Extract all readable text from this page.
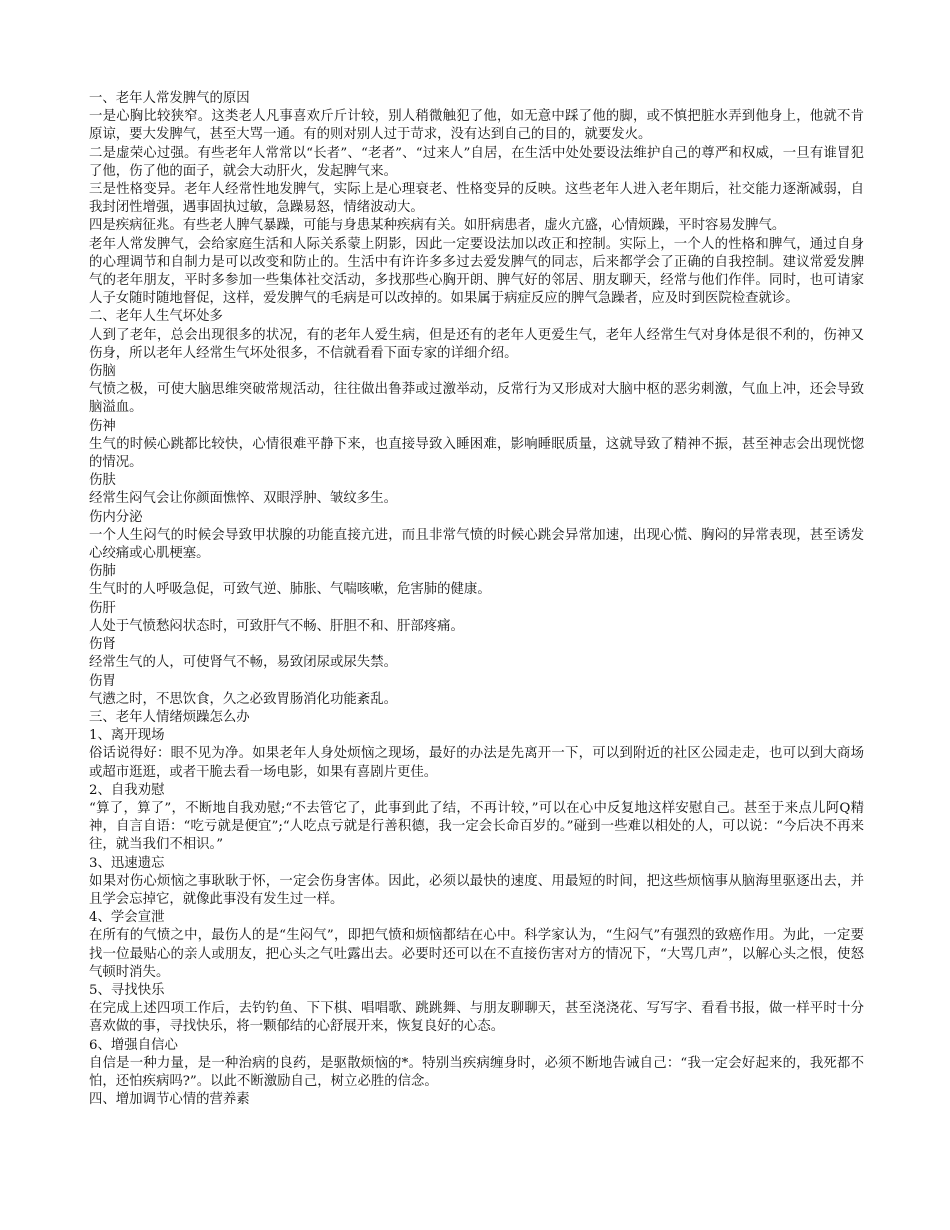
一、老年人常发脾气的原因

一是心胸比较狭窄。这类老人凡事喜欢斤斤计较，别人稍微触犯了他，如无意中踩了他的脚，或不慎把脏水弄到他身上，他就不肯原谅，要大发脾气，甚至大骂一通。有的则对别人过于苛求，没有达到自己的目的，就要发火。

二是虚荣心过强。有些老年人常常以“长者”、“老者”、“过来人”自居，在生活中处处要设法维护自己的尊严和权威，一旦有谁冒犯了他，伤了他的面子，就会大动肝火，发起脾气来。

三是性格变异。老年人经常性地发脾气，实际上是心理衰老、性格变异的反映。这些老年人进入老年期后，社交能力逐渐减弱，自我封闭性增强，遇事固执过敏，急躁易怒，情绪波动大。

四是疾病征兆。有些老人脾气暴躁，可能与身患某种疾病有关。如肝病患者，虚火亢盛，心情烦躁，平时容易发脾气。

老年人常发脾气，会给家庭生活和人际关系蒙上阴影，因此一定要设法加以改正和控制。实际上，一个人的性格和脾气，通过自身的心理调节和自制力是可以改变和防止的。生活中有许许多多过去爱发脾气的同志，后来都学会了正确的自我控制。建议常爱发脾气的老年朋友，平时多参加一些集体社交活动，多找那些心胸开朗、脾气好的邻居、朋友聊天，经常与他们作伴。同时，也可请家人子女随时随地督促，这样，爱发脾气的毛病是可以改掉的。如果属于病症反应的脾气急躁者，应及时到医院检查就诊。

二、老年人生气坏处多

人到了老年，总会出现很多的状况，有的老年人爱生病，但是还有的老年人更爱生气，老年人经常生气对身体是很不利的，伤神又伤身，所以老年人经常生气坏处很多，不信就看看下面专家的详细介绍。

伤脑

气愤之极，可使大脑思维突破常规活动，往往做出鲁莽或过激举动，反常行为又形成对大脑中枢的恶劣刺激，气血上冲，还会导致脑溢血。

伤神

生气的时候心跳都比较快，心情很难平静下来，也直接导致入睡困难，影响睡眠质量，这就导致了精神不振，甚至神志会出现恍惚的情况。

伤肤

经常生闷气会让你颜面憔悴、双眼浮肿、皱纹多生。

伤内分泌

一个人生闷气的时候会导致甲状腺的功能直接亢进，而且非常气愤的时候心跳会异常加速，出现心慌、胸闷的异常表现，甚至诱发心绞痛或心肌梗塞。

伤肺

生气时的人呼吸急促，可致气逆、肺胀、气喘咳嗽，危害肺的健康。

伤肝

人处于气愤愁闷状态时，可致肝气不畅、肝胆不和、肝部疼痛。

伤肾

经常生气的人，可使肾气不畅，易致闭尿或尿失禁。

伤胃

气懑之时，不思饮食，久之必致胃肠消化功能紊乱。

三、老年人情绪烦躁怎么办

1、离开现场

俗话说得好：眼不见为净。如果老年人身处烦恼之现场，最好的办法是先离开一下，可以到附近的社区公园走走，也可以到大商场或超市逛逛，或者干脆去看一场电影，如果有喜剧片更佳。

2、自我劝慰

“算了，算了”，不断地自我劝慰;“不去管它了，此事到此了结，不再计较，”可以在心中反复地这样安慰自己。甚至于来点儿阿Q精神，自言自语：“吃亏就是便宜”;“人吃点亏就是行善积德，我一定会长命百岁的。”碰到一些难以相处的人，可以说：“今后决不再来往，就当我们不相识。”

3、迅速遗忘

如果对伤心烦恼之事耿耿于怀，一定会伤身害体。因此，必须以最快的速度、用最短的时间，把这些烦恼事从脑海里驱逐出去，并且学会忘掉它，就像此事没有发生过一样。

4、学会宣泄

在所有的气愤之中，最伤人的是“生闷气”，即把气愤和烦恼都结在心中。科学家认为，“生闷气”有强烈的致癌作用。为此，一定要找一位最贴心的亲人或朋友，把心头之气吐露出去。必要时还可以在不直接伤害对方的情况下，“大骂几声”，以解心头之恨，使怒气顿时消失。

5、寻找快乐

在完成上述四项工作后，去钓钓鱼、下下棋、唱唱歌、跳跳舞、与朋友聊聊天，甚至浇浇花、写写字、看看书报，做一样平时十分喜欢做的事，寻找快乐，将一颗郁结的心舒展开来，恢复良好的心态。

6、增强自信心

自信是一种力量，是一种治病的良药，是驱散烦恼的*。特别当疾病缠身时，必须不断地告诫自己：“我一定会好起来的，我死都不怕，还怕疾病吗?”。以此不断激励自己，树立必胜的信念。

四、增加调节心情的营养素
